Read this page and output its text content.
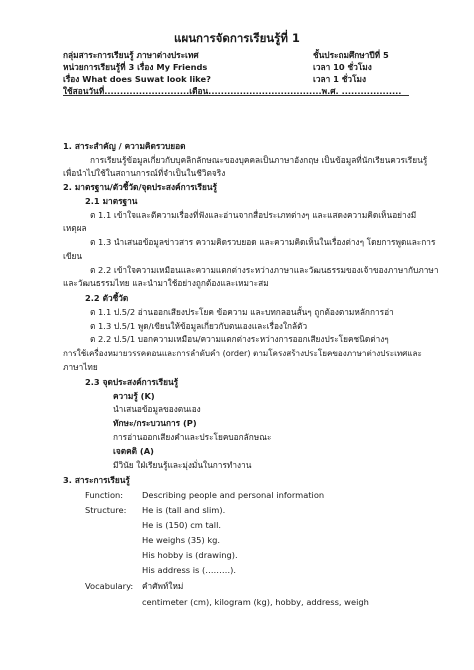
แผนการจัดการเรียนรู้ที่ 1
กลุ่มสาระการเรียนรู้ ภาษาต่างประเทศ	ชั้นประถมศึกษาปีที่ 5
หน่วยการเรียนรู้ที่ 3 เรื่อง My Friends	เวลา 10 ชั่วโมง
เรื่อง What does Suwat look like?	เวลา 1 ชั่วโมง
ใช้สอนวันที่...........................เดือน....................................พ.ศ. ...................
1. สาระสำคัญ / ความคิดรวบยอด
การเรียนรู้ข้อมูลเกี่ยวกับบุคลิกลักษณะของบุคคลเป็นภาษาอังกฤษ เป็นข้อมูลที่นักเรียนควรเรียนรู้
เพื่อนำไปใช้ในสถานการณ์ที่จำเป็นในชีวิตจริง
2. มาตรฐาน/ตัวชี้วัด/จุดประสงค์การเรียนรู้
2.1 มาตรฐาน
ต 1.1 เข้าใจและตีความเรื่องที่ฟังและอ่านจากสื่อประเภทต่างๆ และแสดงความคิดเห็นอย่างมี
เหตุผล
ต 1.3 นำเสนอข้อมูลข่าวสาร ความคิดรวบยอด และความคิดเห็นในเรื่องต่างๆ โดยการพูดและการ
เขียน
ต 2.2 เข้าใจความเหมือนและความแตกต่างระหว่างภาษาและวัฒนธรรมของเจ้าของภาษากับภาษา
และวัฒนธรรมไทย และนำมาใช้อย่างถูกต้องและเหมาะสม
2.2 ตัวชี้วัด
ต 1.1 ป.5/2 อ่านออกเสียงประโยค ข้อความ และบทกลอนสั้นๆ ถูกต้องตามหลักการอ่า
ต 1.3 ป.5/1 พูด/เขียนให้ข้อมูลเกี่ยวกับตนเองและเรื่องใกล้ตัว
ต 2.2 ป.5/1 บอกความเหมือน/ความแตกต่างระหว่างการออกเสียงประโยคชนิดต่างๆ
การใช้เครื่องหมายวรรคตอนและการลำดับคำ (order) ตามโครงสร้างประโยคของภาษาต่างประเทศและ
ภาษาไทย
2.3 จุดประสงค์การเรียนรู้
ความรู้ (K)
นำเสนอข้อมูลของตนเอง
ทักษะ/กระบวนการ (P)
การอ่านออกเสียงคำและประโยคบอกลักษณะ
เจตคติ (A)
มีวินัย ใฝ่เรียนรู้และมุ่งมั่นในการทำงาน
3. สาระการเรียนรู้
Function: Describing people and personal information
Structure: He is (tall and slim).
He is (150) cm tall.
He weighs (35) kg.
His hobby is (drawing).
His address is (………).
Vocabulary: คำศัพท์ใหม่
centimeter (cm), kilogram (kg), hobby, address, weigh
